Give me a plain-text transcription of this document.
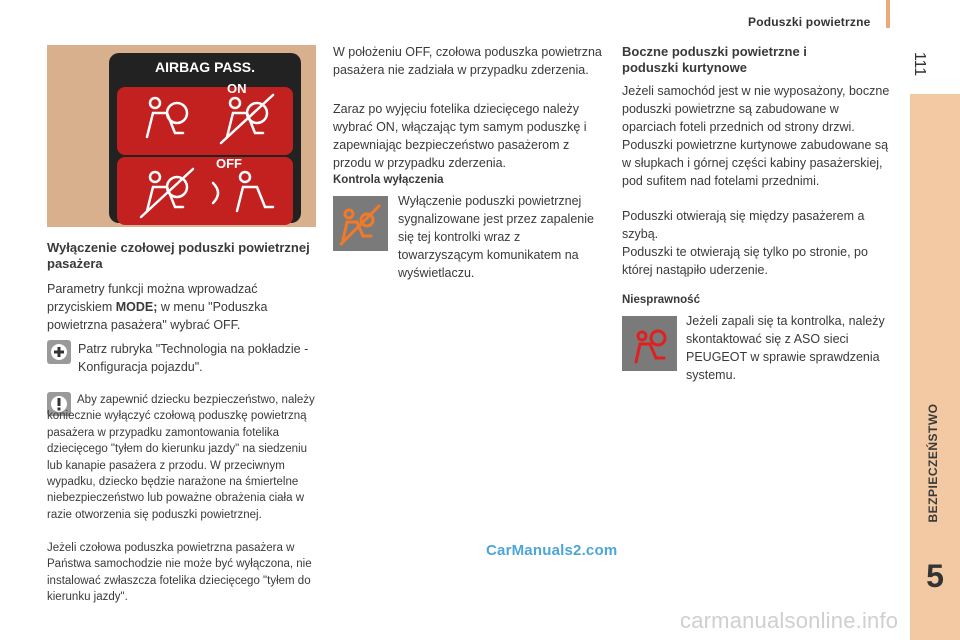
Poduszki powietrzne
111
BEZPIECZEŃSTWO
5
AIRBAG PASS.
ON
OFF
Wyłączenie czołowej poduszki powietrznej pasażera

Parametry funkcji można wprowadzać przyciskiem MODE; w menu "Poduszka powietrzna pasażera" wybrać OFF.

Patrz rubryka "Technologia na pokładzie - Konfiguracja pojazdu".

Aby zapewnić dziecku bezpieczeństwo, należy koniecznie wyłączyć czołową poduszkę powietrzną pasażera w przypadku zamontowania fotelika dziecięcego "tyłem do kierunku jazdy" na siedzeniu lub kanapie pasażera z przodu. W przeciwnym wypadku, dziecko będzie narażone na śmiertelne niebezpieczeństwo lub poważne obrażenia ciała w razie otworzenia się poduszki powietrznej.

Jeżeli czołowa poduszka powietrzna pasażera w Państwa samochodzie nie może być wyłączona, nie instalować zwłaszcza fotelika dziecięcego "tyłem do kierunku jazdy".

W położeniu OFF, czołowa poduszka powietrzna pasażera nie zadziała w przypadku zderzenia.

Zaraz po wyjęciu fotelika dziecięcego należy wybrać ON, włączając tym samym poduszkę i zapewniając bezpieczeństwo pasażerom z przodu w przypadku zderzenia.

Kontrola wyłączenia

Wyłączenie poduszki powietrznej sygnalizowane jest przez zapalenie się tej kontrolki wraz z towarzyszącym komunikatem na wyświetlaczu.

Boczne poduszki powietrzne i poduszki kurtynowe

Jeżeli samochód jest w nie wyposażony, boczne poduszki powietrzne są zabudowane w oparciach foteli przednich od strony drzwi.

Poduszki powietrzne kurtynowe zabudowane są w słupkach i górnej części kabiny pasażerskiej, pod sufitem nad fotelami przednimi.

Poduszki otwierają się między pasażerem a szybą.

Poduszki te otwierają się tylko po stronie, po której nastąpiło uderzenie.

Niesprawność

Jeżeli zapali się ta kontrolka, należy skontaktować się z ASO sieci PEUGEOT w sprawie sprawdzenia systemu.

CarManuals2.com
carmanualsonline.info
